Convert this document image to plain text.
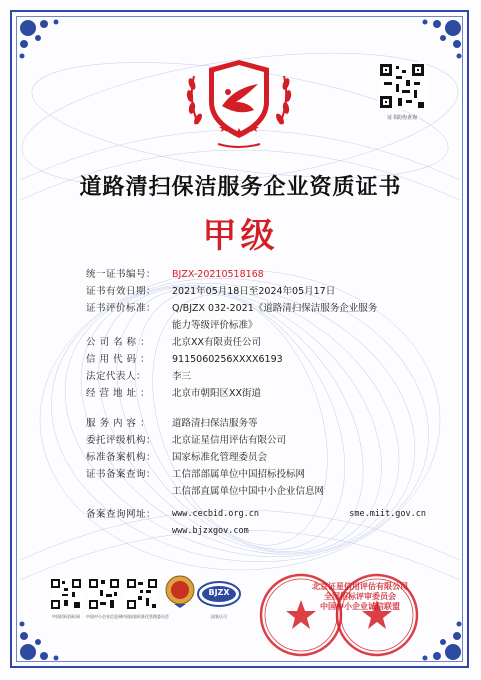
证书防伪查询
道路清扫保洁服务企业资质证书
甲级
统一证书编号：	BJZX-20210518168
证书有效日期：	2021年05月18日至2024年05月17日
证书评价标准：	Q/BJZX 032-2021《道路清扫保洁服务企业服务
能力等级评价标准》
公 司 名 称 ：	北京XX有限责任公司
信 用 代 码 ：	9115060256XXXX6193
法定代表人：	李三
经 营 地 址 ：	北京市朝阳区XX街道
服 务 内 容 ：	道路清扫保洁服务等
委托评级机构：	北京证星信用评估有限公司
标准备案机构：	国家标准化管理委员会
证书备案查询：	工信部部属单位中国招标投标网
工信部直属单位中国中小企业信息网
备案查询网址：	www.cecbid.org.cn	sme.miit.gov.cn
www.bjzxgov.com
中国招标投标网	中国中小企业信息网 中国国家标准化管理委员会
BJZX
国家认可
北京证星信用评估有限公司
全国招标评审委员会
中国中小企业诚信联盟
